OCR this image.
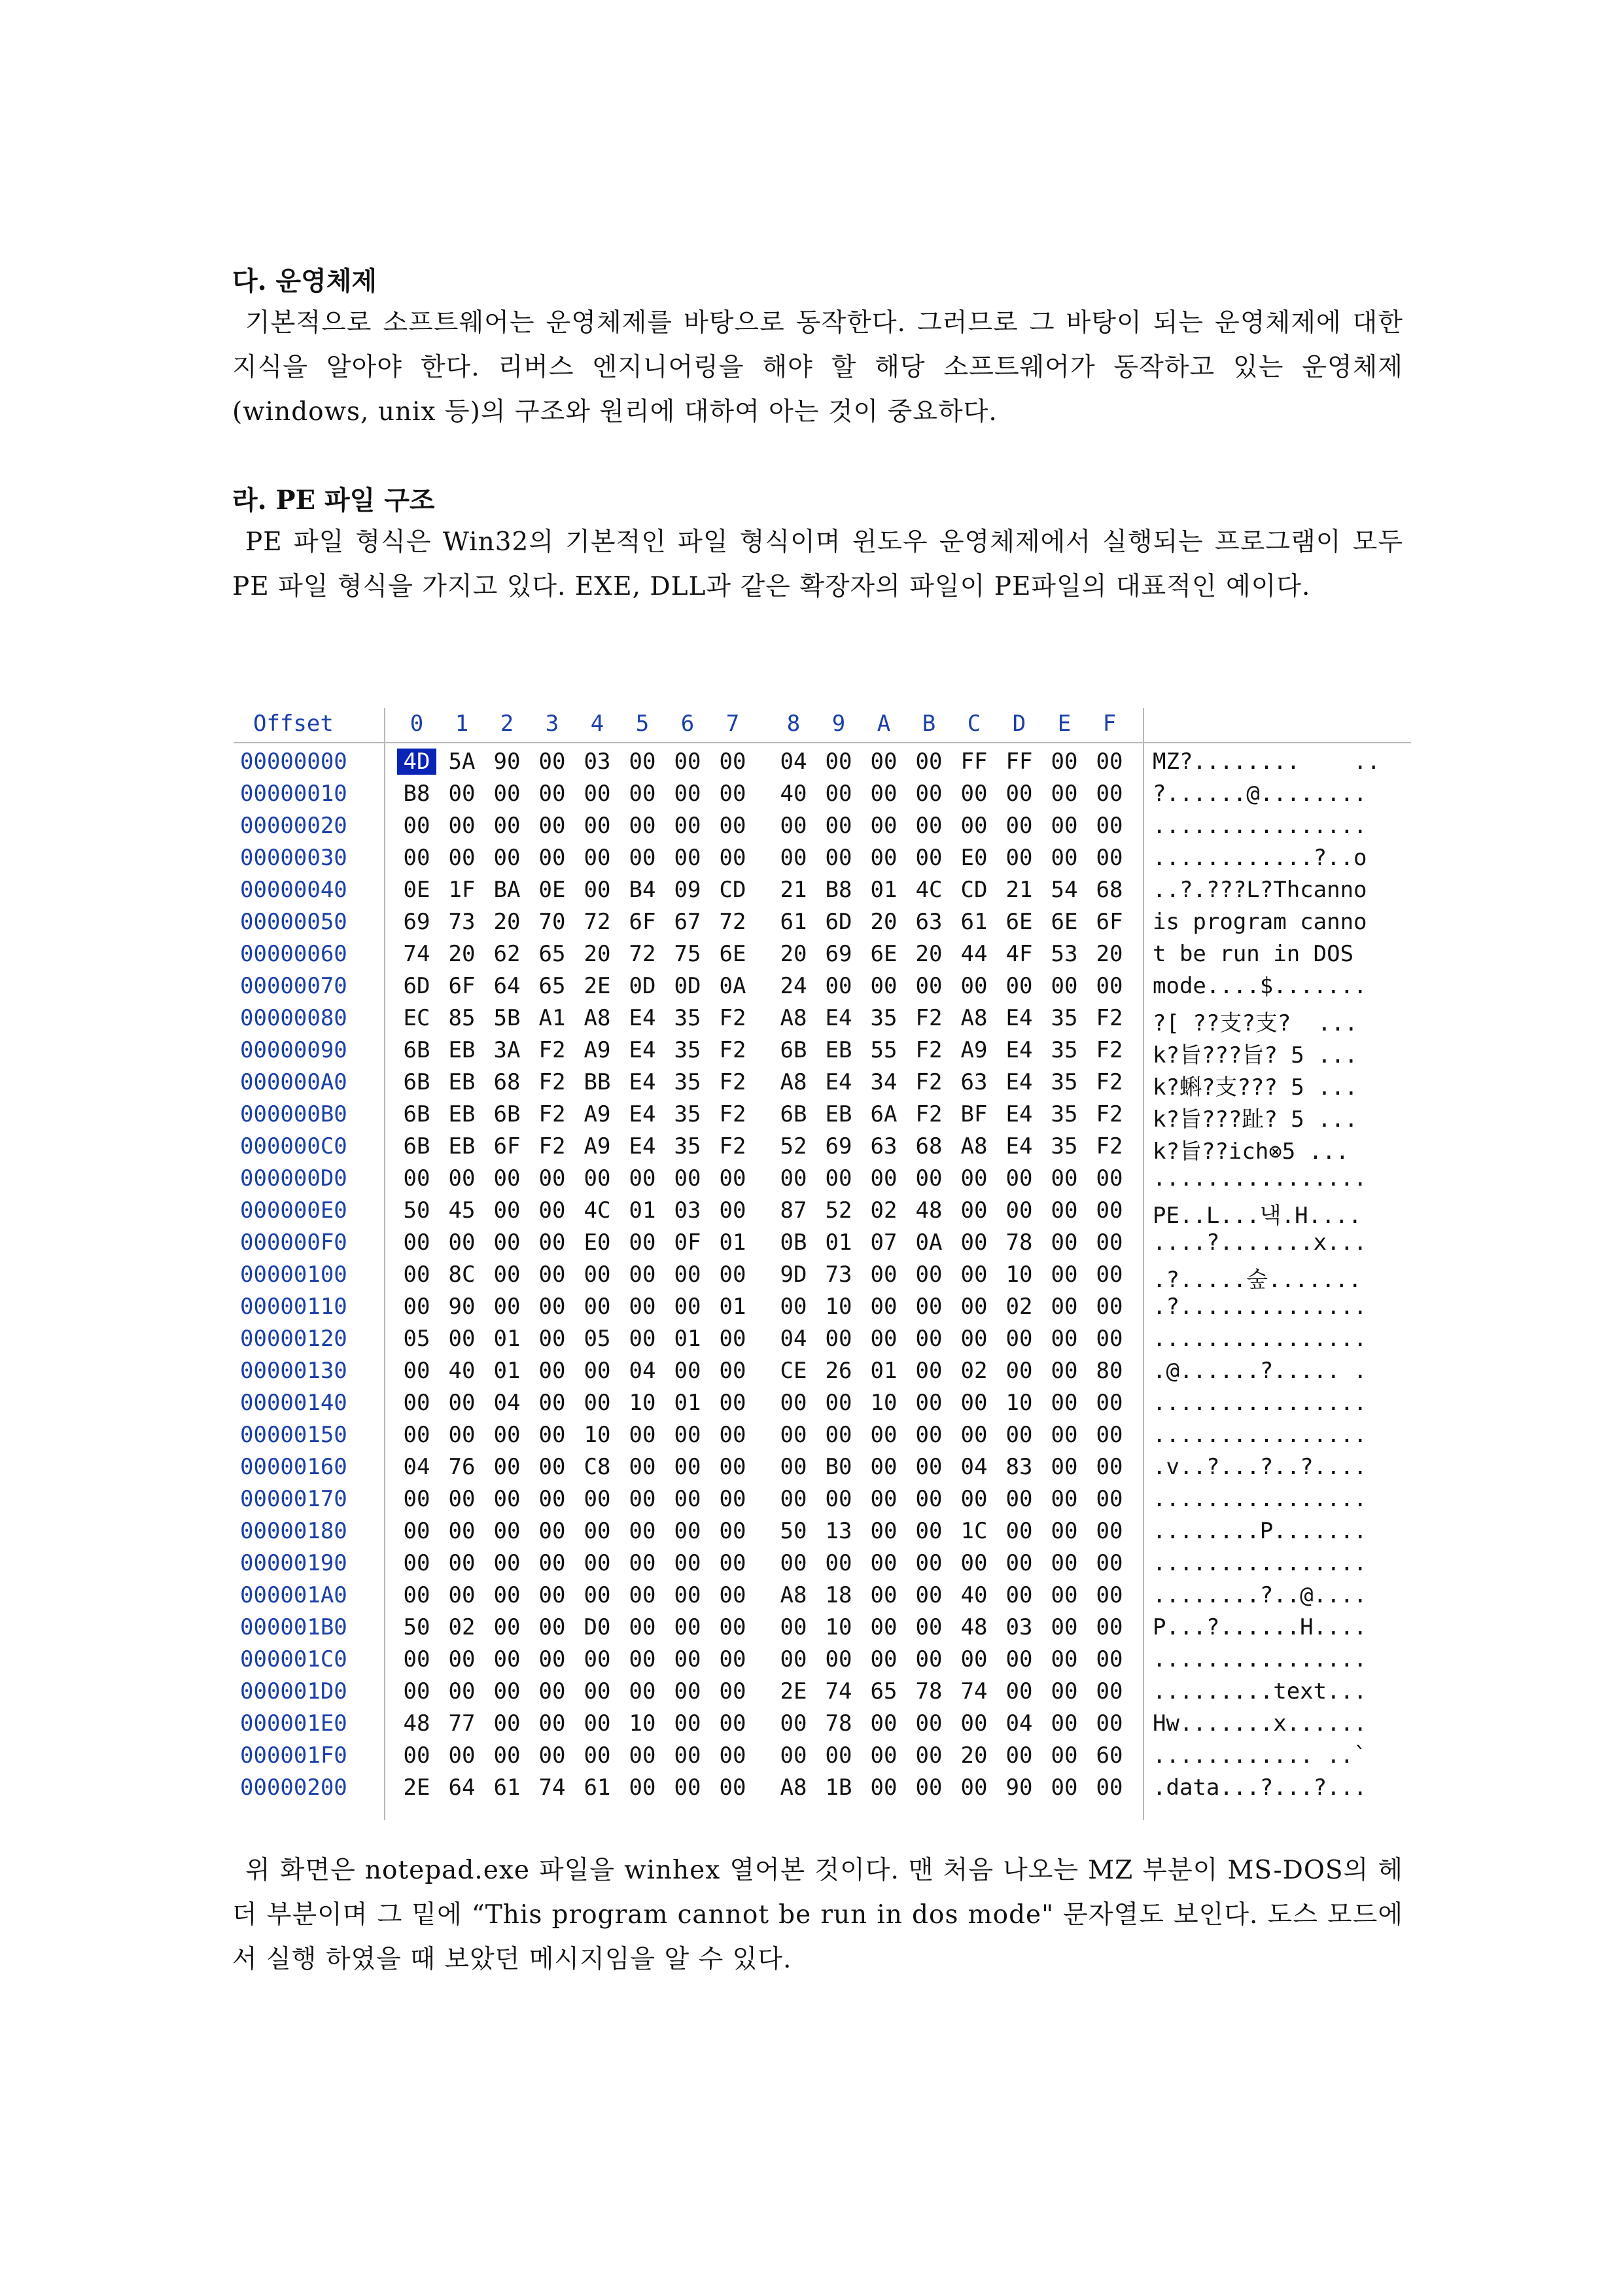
다. 운영체제

기본적으로 소프트웨어는 운영체제를 바탕으로 동작한다. 그러므로 그 바탕이 되는 운영체제에 대한 지식을 알아야 한다. 리버스 엔지니어링을 해야 할 해당 소프트웨어가 동작하고 있는 운영체제(windows, unix 등)의 구조와 원리에 대하여 아는 것이 중요하다.

라. PE 파일 구조

PE 파일 형식은 Win32의 기본적인 파일 형식이며 윈도우 운영체제에서 실행되는 프로그램이 모두 PE 파일 형식을 가지고 있다. EXE, DLL과 같은 확장자의 파일이 PE파일의 대표적인 예이다.

Offset	0 1 2 3 4 5 6 7 8 9 A B C D E F
00000000	4D 5A 90 00 03 00 00 00 04 00 00 00 FF FF 00 00 MZ?........    ..
00000010	B8 00 00 00 00 00 00 00 40 00 00 00 00 00 00 00 ?......@........
00000020	00 00 00 00 00 00 00 00 00 00 00 00 00 00 00 00 ................
00000030	00 00 00 00 00 00 00 00 00 00 00 00 E0 00 00 00 ............?..o
00000040	0E 1F BA 0E 00 B4 09 CD 21 B8 01 4C CD 21 54 68 ..?.???L?Thcanno
00000050	69 73 20 70 72 6F 67 72 61 6D 20 63 61 6E 6E 6F is program canno
00000060	74 20 62 65 20 72 75 6E 20 69 6E 20 44 4F 53 20 t be run in DOS
00000070	6D 6F 64 65 2E 0D 0D 0A 24 00 00 00 00 00 00 00 mode....$.......
00000080	EC 85 5B A1 A8 E4 35 F2 A8 E4 35 F2 A8 E4 35 F2 ?[ ??支?支?  ...
00000090	6B EB 3A F2 A9 E4 35 F2 6B EB 55 F2 A9 E4 35 F2 k?旨???旨? 5 ...
000000A0	6B EB 68 F2 BB E4 35 F2 A8 E4 34 F2 63 E4 35 F2 k?蝌?支??? 5 ...
000000B0	6B EB 6B F2 A9 E4 35 F2 6B EB 6A F2 BF E4 35 F2 k?旨???趾? 5 ...
000000C0	6B EB 6F F2 A9 E4 35 F2 52 69 63 68 A8 E4 35 F2 k?旨??ich⊗5 ...
000000D0	00 00 00 00 00 00 00 00 00 00 00 00 00 00 00 00 ................
000000E0	50 45 00 00 4C 01 03 00 87 52 02 48 00 00 00 00 PE..L...낵.H....
000000F0	00 00 00 00 E0 00 0F 01 0B 01 07 0A 00 78 00 00 ....?.......x...
00000100	00 8C 00 00 00 00 00 00 9D 73 00 00 00 10 00 00 .?.....숲.......
00000110	00 90 00 00 00 00 00 01 00 10 00 00 00 02 00 00 .?..............
00000120	05 00 01 00 05 00 01 00 04 00 00 00 00 00 00 00 ................
00000130	00 40 01 00 00 04 00 00 CE 26 01 00 02 00 00 80 .@......?..... .
00000140	00 00 04 00 00 10 01 00 00 00 10 00 00 10 00 00 ................
00000150	00 00 00 00 10 00 00 00 00 00 00 00 00 00 00 00 ................
00000160	04 76 00 00 C8 00 00 00 00 B0 00 00 04 83 00 00 .v..?...?..?....
00000170	00 00 00 00 00 00 00 00 00 00 00 00 00 00 00 00 ................
00000180	00 00 00 00 00 00 00 00 50 13 00 00 1C 00 00 00 ........P.......
00000190	00 00 00 00 00 00 00 00 00 00 00 00 00 00 00 00 ................
000001A0	00 00 00 00 00 00 00 00 A8 18 00 00 40 00 00 00 ........?..@....
000001B0	50 02 00 00 D0 00 00 00 00 10 00 00 48 03 00 00 P...?......H....
000001C0	00 00 00 00 00 00 00 00 00 00 00 00 00 00 00 00 ................
000001D0	00 00 00 00 00 00 00 00 2E 74 65 78 74 00 00 00 .........text...
000001E0	48 77 00 00 00 10 00 00 00 78 00 00 00 04 00 00 Hw.......x......
000001F0	00 00 00 00 00 00 00 00 00 00 00 00 20 00 00 60 ............ ..`
00000200	2E 64 61 74 61 00 00 00 A8 1B 00 00 00 90 00 00 .data...?...?...

위 화면은 notepad.exe 파일을 winhex 열어본 것이다. 맨 처음 나오는 MZ 부분이 MS-DOS의 헤더 부분이며 그 밑에 “This program cannot be run in dos mode" 문자열도 보인다. 도스 모드에서 실행 하였을 때 보았던 메시지임을 알 수 있다.
